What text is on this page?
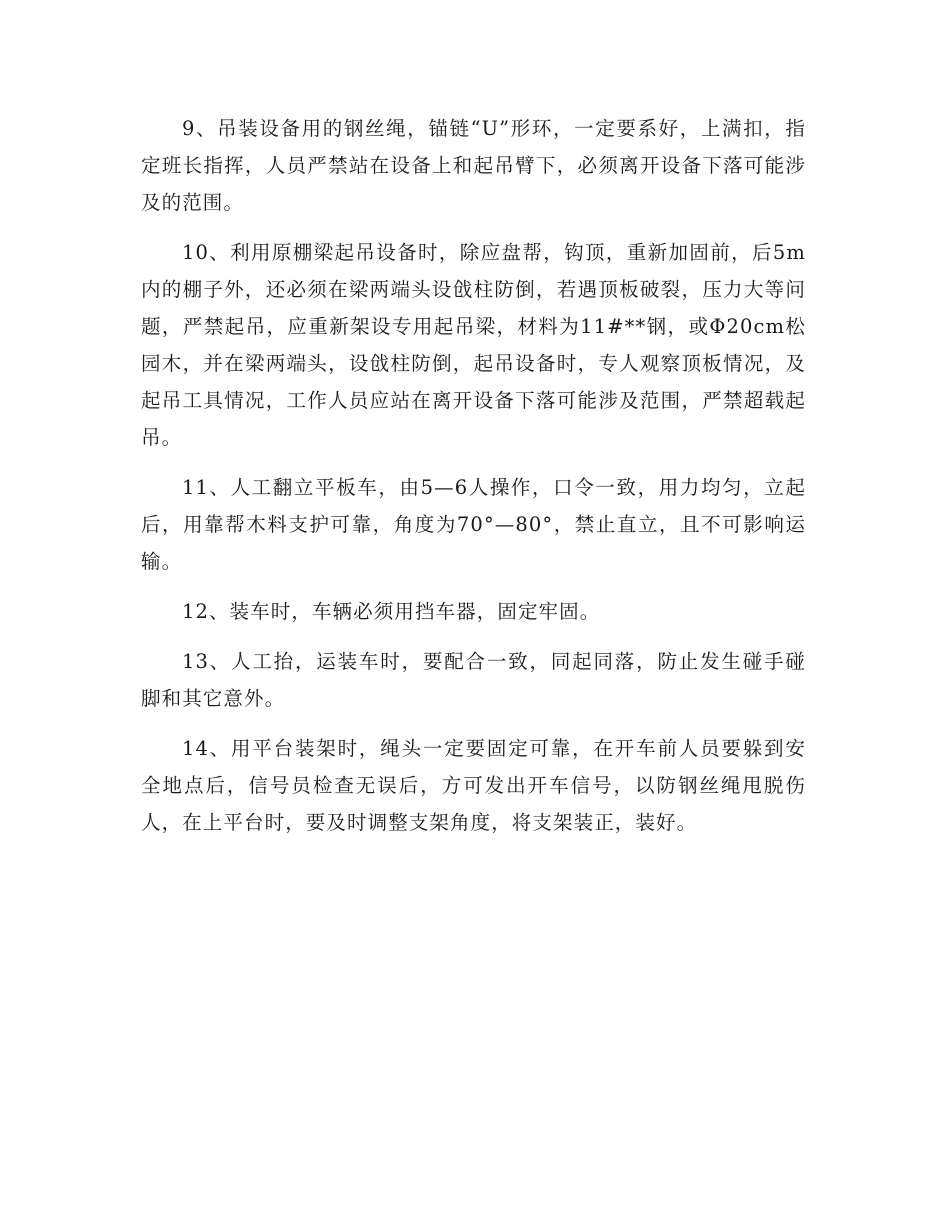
9、吊装设备用的钢丝绳，锚链“U”形环，一定要系好，上满扣，指定班长指挥，人员严禁站在设备上和起吊臂下，必须离开设备下落可能涉及的范围。

10、利用原棚梁起吊设备时，除应盘帮，钩顶，重新加固前，后5m内的棚子外，还必须在梁两端头设戗柱防倒，若遇顶板破裂，压力大等问题，严禁起吊，应重新架设专用起吊梁，材料为11#**钢，或Φ20cm松园木，并在梁两端头，设戗柱防倒，起吊设备时，专人观察顶板情况，及起吊工具情况，工作人员应站在离开设备下落可能涉及范围，严禁超载起吊。

11、人工翻立平板车，由5—6人操作，口令一致，用力均匀，立起后，用靠帮木料支护可靠，角度为70°—80°，禁止直立，且不可影响运输。

12、装车时，车辆必须用挡车器，固定牢固。

13、人工抬，运装车时，要配合一致，同起同落，防止发生碰手碰脚和其它意外。

14、用平台装架时，绳头一定要固定可靠，在开车前人员要躲到安全地点后，信号员检查无误后，方可发出开车信号，以防钢丝绳甩脱伤人，在上平台时，要及时调整支架角度，将支架装正，装好。
